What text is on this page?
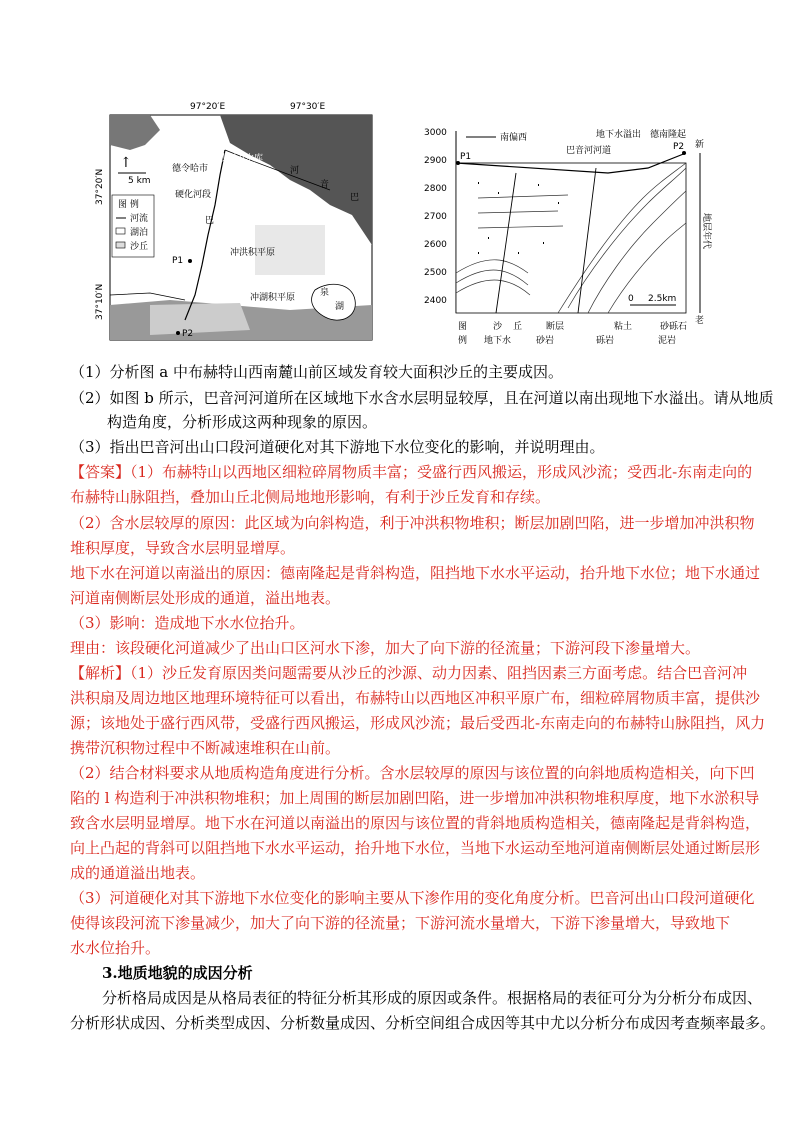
图 例
河流
湖泊
沙丘
↑
5 km
97°20′E	97°30′E
37°20′N
37°10′N
沙石山水库
德令哈市
硬化河段
河
音
巴
冲洪积平原
冲湖积平原
湖
泉
巴
P1
P2
3000
2900
2800
2700
2600
2500
2400
南偏西
巴音河河道
地下水溢出 德南隆起
P1
P2 新
地层年代
老
0 2.5km
图
例
沙 丘	断层	粘土	砂砾石
地下水	砂岩	砾岩	泥岩
（1）分析图 a 中布赫特山西南麓山前区域发育较大面积沙丘的主要成因。
（2）如图 b 所示，巴音河河道所在区域地下水含水层明显较厚，且在河道以南出现地下水溢出。请从地质
构造角度，分析形成这两种现象的原因。
（3）指出巴音河出山口段河道硬化对其下游地下水位变化的影响，并说明理由。
【答案】（1）布赫特山以西地区细粒碎屑物质丰富；受盛行西风搬运，形成风沙流；受西北-东南走向的
布赫特山脉阻挡，叠加山丘北侧局地地形影响，有利于沙丘发育和存续。
（2）含水层较厚的原因：此区域为向斜构造，利于冲洪积物堆积；断层加剧凹陷，进一步增加冲洪积物
堆积厚度，导致含水层明显增厚。
地下水在河道以南溢出的原因：德南隆起是背斜构造，阻挡地下水水平运动，抬升地下水位；地下水通过
河道南侧断层处形成的通道，溢出地表。
（3）影响：造成地下水水位抬升。
理由：该段硬化河道减少了出山口区河水下渗，加大了向下游的径流量；下游河段下渗量增大。
【解析】（1）沙丘发育原因类问题需要从沙丘的沙源、动力因素、阻挡因素三方面考虑。结合巴音河冲
洪积扇及周边地区地理环境特征可以看出，布赫特山以西地区冲积平原广布，细粒碎屑物质丰富，提供沙
源；该地处于盛行西风带，受盛行西风搬运，形成风沙流；最后受西北-东南走向的布赫特山脉阻挡，风力
携带沉积物过程中不断减速堆积在山前。
（2）结合材料要求从地质构造角度进行分析。含水层较厚的原因与该位置的向斜地质构造相关，向下凹
陷的 l 构造利于冲洪积物堆积；加上周围的断层加剧凹陷，进一步增加冲洪积物堆积厚度，地下水淤积导
致含水层明显增厚。地下水在河道以南溢出的原因与该位置的背斜地质构造相关，德南隆起是背斜构造，
向上凸起的背斜可以阻挡地下水水平运动，抬升地下水位，当地下水运动至地河道南侧断层处通过断层形
成的通道溢出地表。
（3）河道硬化对其下游地下水位变化的影响主要从下渗作用的变化角度分析。巴音河出山口段河道硬化
使得该段河流下渗量减少，加大了向下游的径流量；下游河流水量增大，下游下渗量增大，导致地下
水水位抬升。
3.地质地貌的成因分析
分析格局成因是从格局表征的特征分析其形成的原因或条件。根据格局的表征可分为分析分布成因、
分析形状成因、分析类型成因、分析数量成因、分析空间组合成因等其中尤以分析分布成因考查频率最多。
